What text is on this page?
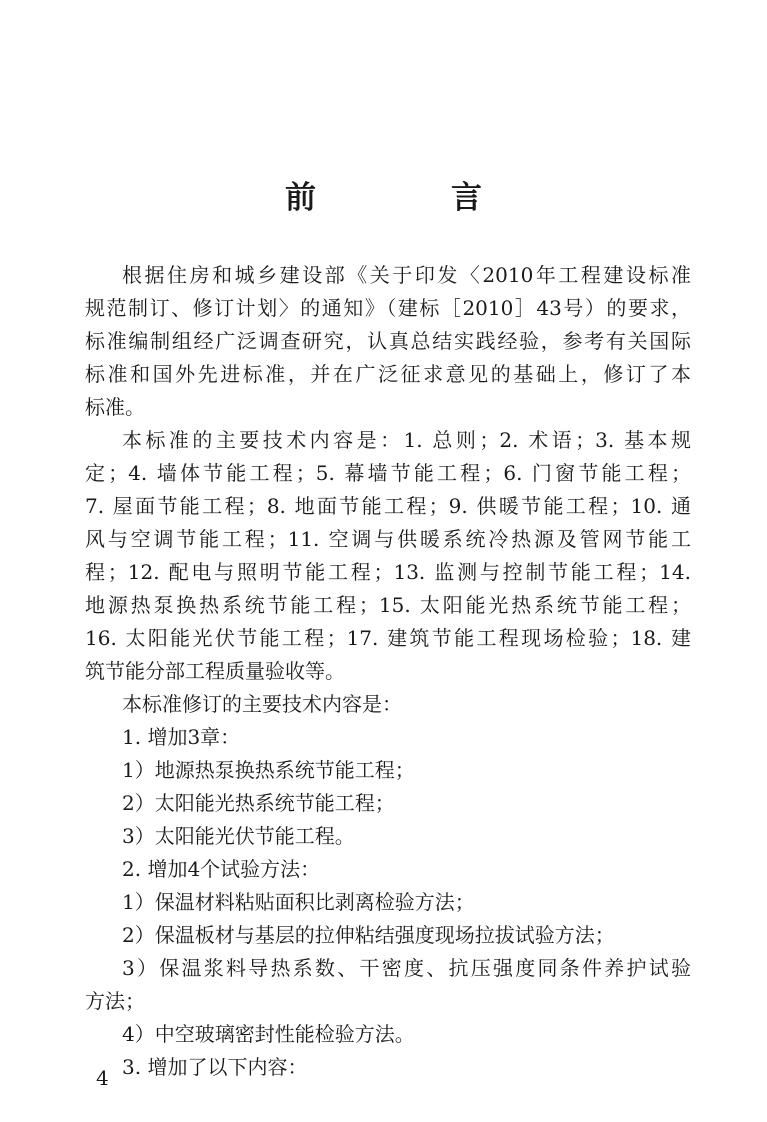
前　言
根据住房和城乡建设部《关于印发〈2010年工程建设标准
规范制订、修订计划〉的通知》（建标［2010］43号）的要求，
标准编制组经广泛调查研究，认真总结实践经验，参考有关国际
标准和国外先进标准，并在广泛征求意见的基础上，修订了本
标准。
本标准的主要技术内容是：1. 总则；2. 术语；3. 基本规
定；4. 墙体节能工程；5. 幕墙节能工程；6. 门窗节能工程；
7. 屋面节能工程；8. 地面节能工程；9. 供暖节能工程；10. 通
风与空调节能工程；11. 空调与供暖系统冷热源及管网节能工
程；12. 配电与照明节能工程；13. 监测与控制节能工程；14.
地源热泵换热系统节能工程；15. 太阳能光热系统节能工程；
16. 太阳能光伏节能工程；17. 建筑节能工程现场检验；18. 建
筑节能分部工程质量验收等。
本标准修订的主要技术内容是：
1. 增加3章：
1）地源热泵换热系统节能工程；
2）太阳能光热系统节能工程；
3）太阳能光伏节能工程。
2. 增加4个试验方法：
1）保温材料粘贴面积比剥离检验方法；
2）保温板材与基层的拉伸粘结强度现场拉拔试验方法；
3）保温浆料导热系数、干密度、抗压强度同条件养护试验
方法；
4）中空玻璃密封性能检验方法。
3. 增加了以下内容：
4
